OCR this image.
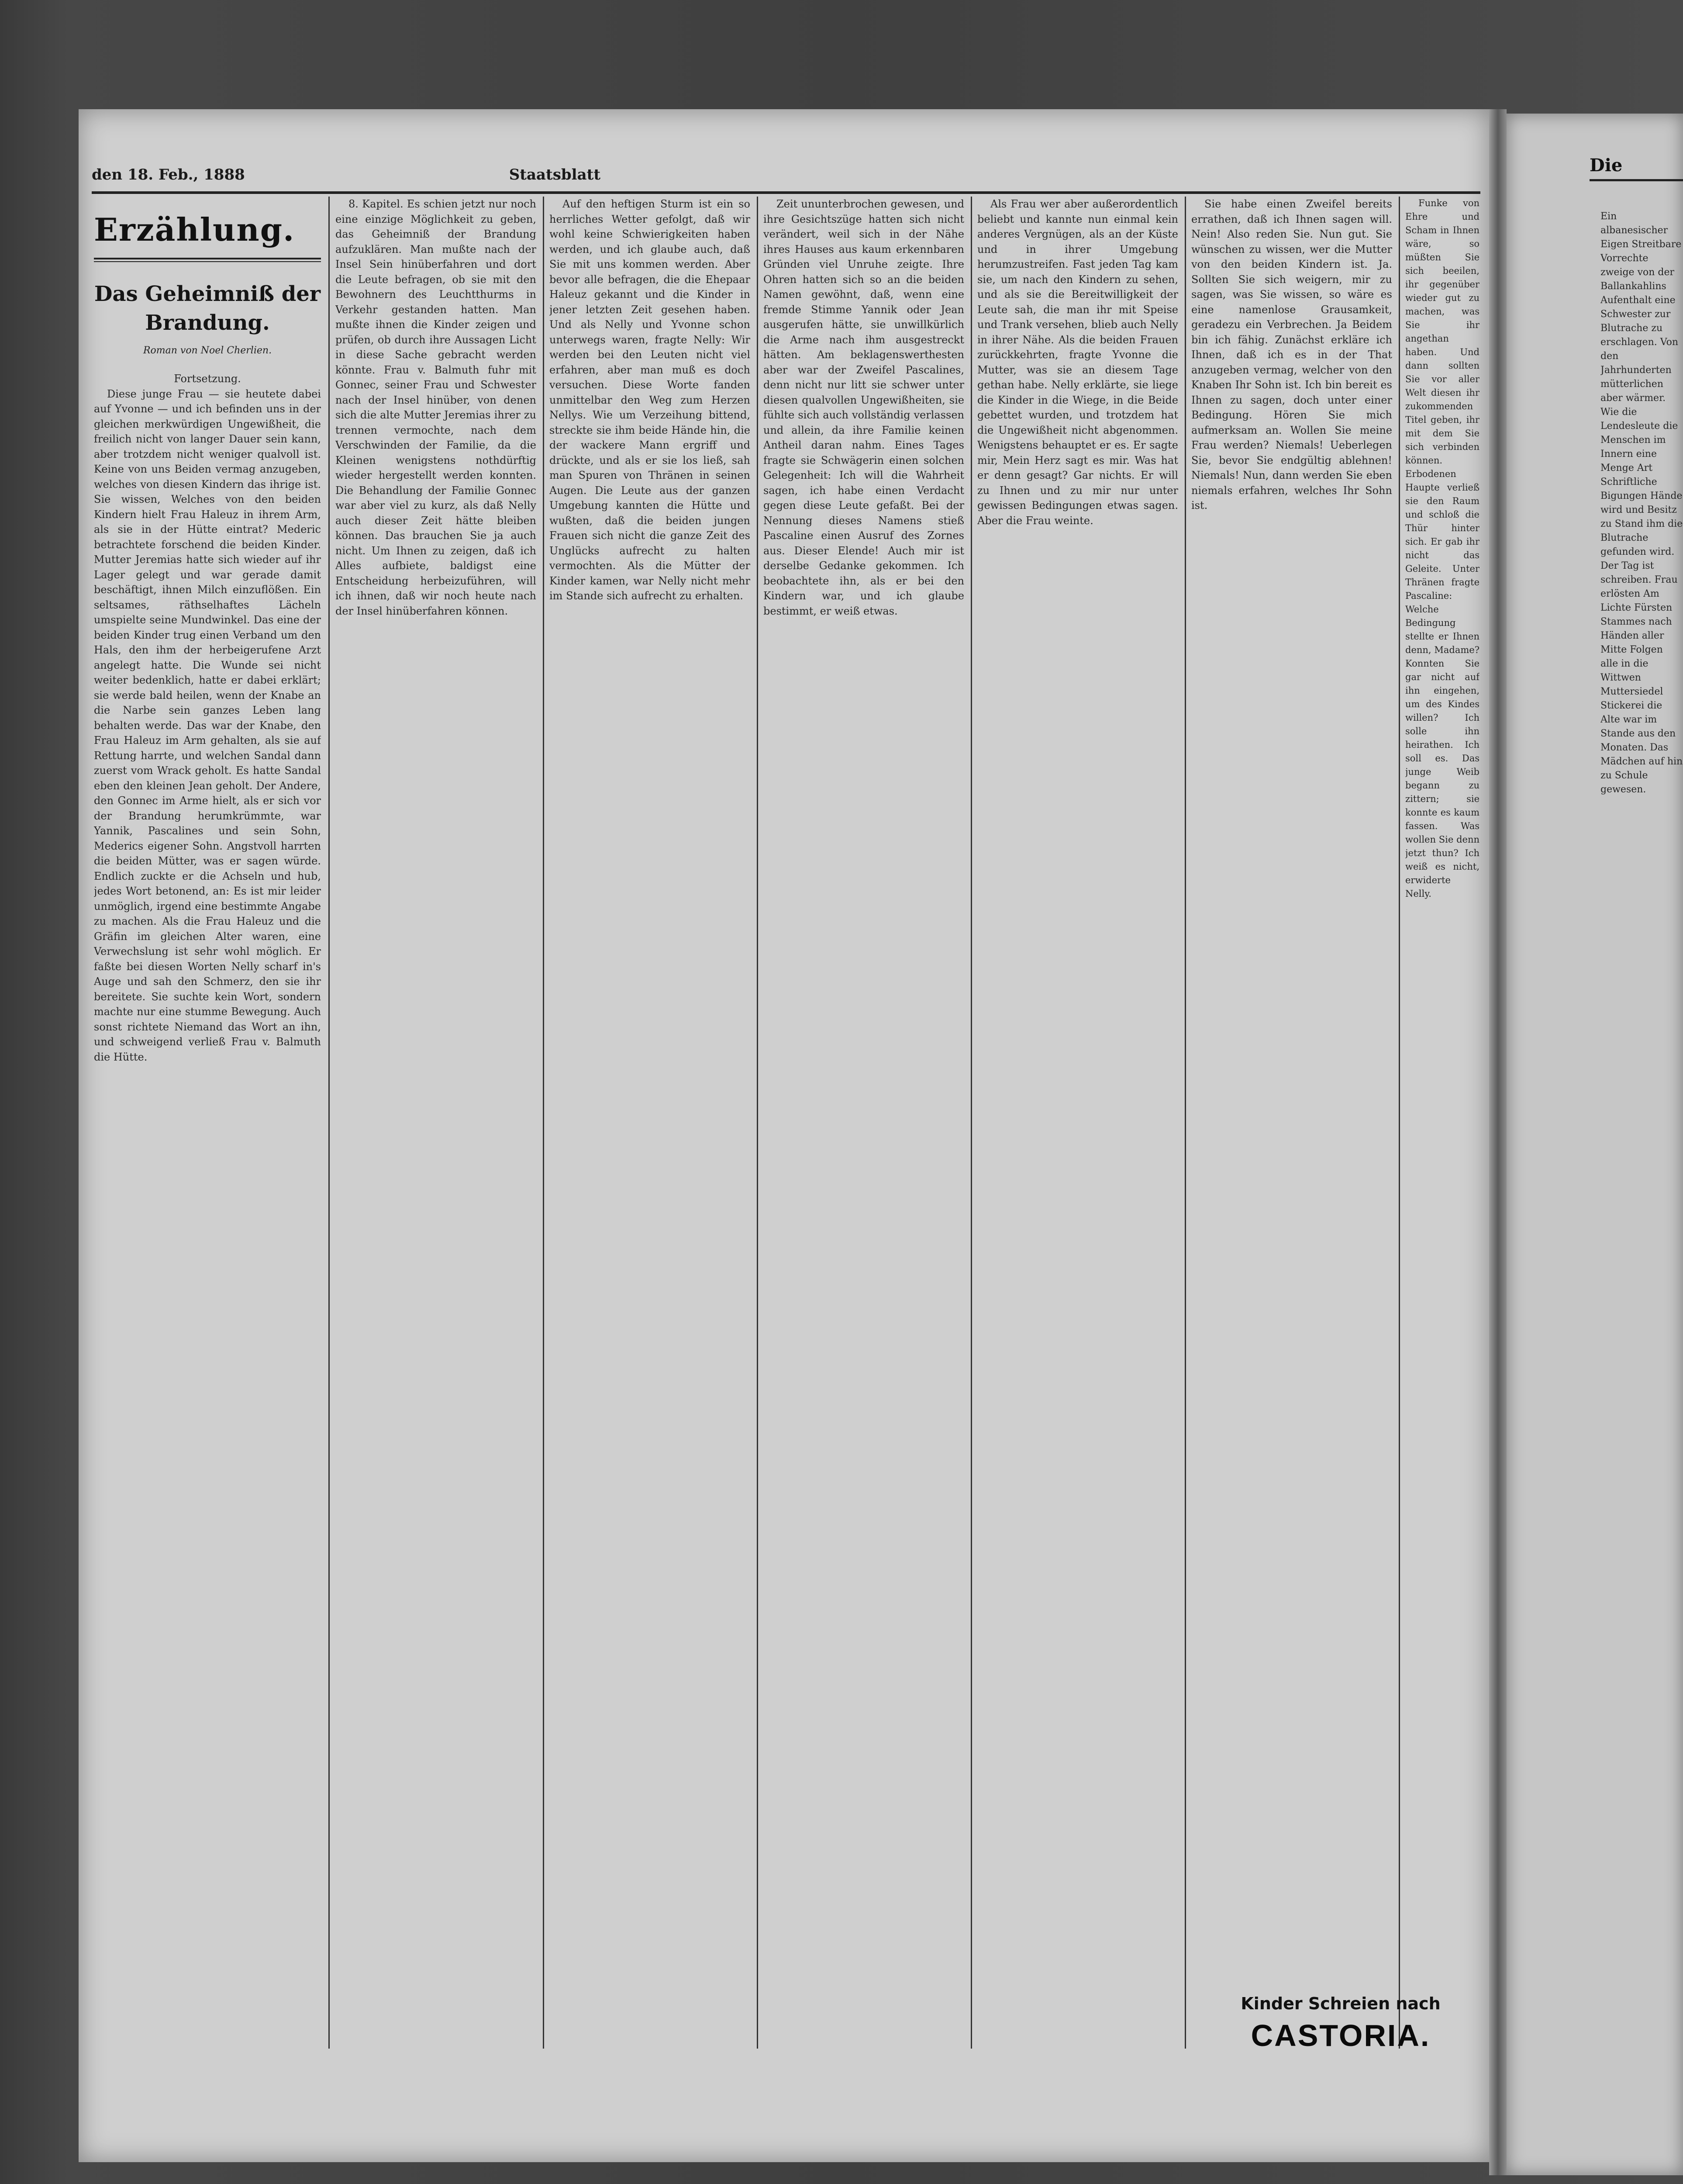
den 18. Feb., 1888	Staatsblatt
Erzählung.
Das Geheimniß der
Brandung.
Roman von Noel Cherlien.

Fortsetzung.

Diese junge Frau — sie heutete dabei auf Yvonne — und ich befinden uns in der gleichen merkwürdigen Ungewißheit, die freilich nicht von langer Dauer sein kann, aber trotzdem nicht weniger qualvoll ist. Keine von uns Beiden vermag anzugeben, welches von diesen Kindern das ihrige ist. Sie wissen, Welches von den beiden Kindern hielt Frau Haleuz in ihrem Arm, als sie in der Hütte eintrat? Mederic betrachtete forschend die beiden Kinder. Mutter Jeremias hatte sich wieder auf ihr Lager gelegt und war gerade damit beschäftigt, ihnen Milch einzuflößen. Ein seltsames, räthselhaftes Lächeln umspielte seine Mundwinkel. Das eine der beiden Kinder trug einen Verband um den Hals, den ihm der herbeigerufene Arzt angelegt hatte. Die Wunde sei nicht weiter bedenklich, hatte er dabei erklärt; sie werde bald heilen, wenn der Knabe an die Narbe sein ganzes Leben lang behalten werde. Das war der Knabe, den Frau Haleuz im Arm gehalten, als sie auf Rettung harrte, und welchen Sandal dann zuerst vom Wrack geholt. Es hatte Sandal eben den kleinen Jean geholt. Der Andere, den Gonnec im Arme hielt, als er sich vor der Brandung herumkrümmte, war Yannik, Pascalines und sein Sohn, Mederics eigener Sohn. Angstvoll harrten die beiden Mütter, was er sagen würde. Endlich zuckte er die Achseln und hub, jedes Wort betonend, an: Es ist mir leider unmöglich, irgend eine bestimmte Angabe zu machen. Als die Frau Haleuz und die Gräfin im gleichen Alter waren, eine Verwechslung ist sehr wohl möglich. Er faßte bei diesen Worten Nelly scharf in's Auge und sah den Schmerz, den sie ihr bereitete. Sie suchte kein Wort, sondern machte nur eine stumme Bewegung. Auch sonst richtete Niemand das Wort an ihn, und schweigend verließ Frau v. Balmuth die Hütte.

8. Kapitel. Es schien jetzt nur noch eine einzige Möglichkeit zu geben, das Geheimniß der Brandung aufzuklären. Man mußte nach der Insel Sein hinüberfahren und dort die Leute befragen, ob sie mit den Bewohnern des Leuchtthurms in Verkehr gestanden hatten. Man mußte ihnen die Kinder zeigen und prüfen, ob durch ihre Aussagen Licht in diese Sache gebracht werden könnte. Frau v. Balmuth fuhr mit Gonnec, seiner Frau und Schwester nach der Insel hinüber, von denen sich die alte Mutter Jeremias ihrer zu trennen vermochte, nach dem Verschwinden der Familie, da die Kleinen wenigstens nothdürftig wieder hergestellt werden konnten. Die Behandlung der Familie Gonnec war aber viel zu kurz, als daß Nelly auch dieser Zeit hätte bleiben können. Das brauchen Sie ja auch nicht. Um Ihnen zu zeigen, daß ich Alles aufbiete, baldigst eine Entscheidung herbeizuführen, will ich ihnen, daß wir noch heute nach der Insel hinüberfahren können.

Auf den heftigen Sturm ist ein so herrliches Wetter gefolgt, daß wir wohl keine Schwierigkeiten haben werden, und ich glaube auch, daß Sie mit uns kommen werden. Aber bevor alle befragen, die die Ehepaar Haleuz gekannt und die Kinder in jener letzten Zeit gesehen haben. Und als Nelly und Yvonne schon unterwegs waren, fragte Nelly: Wir werden bei den Leuten nicht viel erfahren, aber man muß es doch versuchen. Diese Worte fanden unmittelbar den Weg zum Herzen Nellys. Wie um Verzeihung bittend, streckte sie ihm beide Hände hin, die der wackere Mann ergriff und drückte, und als er sie los ließ, sah man Spuren von Thränen in seinen Augen. Die Leute aus der ganzen Umgebung kannten die Hütte und wußten, daß die beiden jungen Frauen sich nicht die ganze Zeit des Unglücks aufrecht zu halten vermochten. Als die Mütter der Kinder kamen, war Nelly nicht mehr im Stande sich aufrecht zu erhalten.

Zeit ununterbrochen gewesen, und ihre Gesichtszüge hatten sich nicht verändert, weil sich in der Nähe ihres Hauses aus kaum erkennbaren Gründen viel Unruhe zeigte. Ihre Ohren hatten sich so an die beiden Namen gewöhnt, daß, wenn eine fremde Stimme Yannik oder Jean ausgerufen hätte, sie unwillkürlich die Arme nach ihm ausgestreckt hätten. Am beklagenswerthesten aber war der Zweifel Pascalines, denn nicht nur litt sie schwer unter diesen qualvollen Ungewißheiten, sie fühlte sich auch vollständig verlassen und allein, da ihre Familie keinen Antheil daran nahm. Eines Tages fragte sie Schwägerin einen solchen Gelegenheit: Ich will die Wahrheit sagen, ich habe einen Verdacht gegen diese Leute gefaßt. Bei der Nennung dieses Namens stieß Pascaline einen Ausruf des Zornes aus. Dieser Elende! Auch mir ist derselbe Gedanke gekommen. Ich beobachtete ihn, als er bei den Kindern war, und ich glaube bestimmt, er weiß etwas.

Als Frau wer aber außerordentlich beliebt und kannte nun einmal kein anderes Vergnügen, als an der Küste und in ihrer Umgebung herumzustreifen. Fast jeden Tag kam sie, um nach den Kindern zu sehen, und als sie die Bereitwilligkeit der Leute sah, die man ihr mit Speise und Trank versehen, blieb auch Nelly in ihrer Nähe. Als die beiden Frauen zurückkehrten, fragte Yvonne die Mutter, was sie an diesem Tage gethan habe. Nelly erklärte, sie liege die Kinder in die Wiege, in die Beide gebettet wurden, und trotzdem hat die Ungewißheit nicht abgenommen. Wenigstens behauptet er es. Er sagte mir, Mein Herz sagt es mir. Was hat er denn gesagt? Gar nichts. Er will zu Ihnen und zu mir nur unter gewissen Bedingungen etwas sagen. Aber die Frau weinte.

Sie habe einen Zweifel bereits errathen, daß ich Ihnen sagen will. Nein! Also reden Sie. Nun gut. Sie wünschen zu wissen, wer die Mutter von den beiden Kindern ist. Ja. Sollten Sie sich weigern, mir zu sagen, was Sie wissen, so wäre es eine namenlose Grausamkeit, geradezu ein Verbrechen. Ja Beidem bin ich fähig. Zunächst erkläre ich Ihnen, daß ich es in der That anzugeben vermag, welcher von den Knaben Ihr Sohn ist. Ich bin bereit es Ihnen zu sagen, doch unter einer Bedingung. Hören Sie mich aufmerksam an. Wollen Sie meine Frau werden? Niemals! Ueberlegen Sie, bevor Sie endgültig ablehnen! Niemals! Nun, dann werden Sie eben niemals erfahren, welches Ihr Sohn ist.

Funke von Ehre und Scham in Ihnen wäre, so müßten Sie sich beeilen, ihr gegenüber wieder gut zu machen, was Sie ihr angethan haben. Und dann sollten Sie vor aller Welt diesen ihr zukommenden Titel geben, ihr mit dem Sie sich verbinden können. Erbodenen Haupte verließ sie den Raum und schloß die Thür hinter sich. Er gab ihr nicht das Geleite. Unter Thränen fragte Pascaline: Welche Bedingung stellte er Ihnen denn, Madame? Konnten Sie gar nicht auf ihn eingehen, um des Kindes willen? Ich solle ihn heirathen. Ich soll es. Das junge Weib begann zu zittern; sie konnte es kaum fassen. Was wollen Sie denn jetzt thun? Ich weiß es nicht, erwiderte Nelly.

Kinder Schreien nach
CASTORIA.
Die
Ein albanesischer Eigen Streitbare Vorrechte zweige von der Ballankahlins Aufenthalt eine Schwester zur Blutrache zu erschlagen. Von den Jahrhunderten mütterlichen aber wärmer. Wie die Lendesleute die Menschen im Innern eine Menge Art Schriftliche Bigungen Hände wird und Besitz zu Stand ihm die Blutrache gefunden wird. Der Tag ist schreiben. Frau erlösten Am Lichte Fürsten Stammes nach Händen aller Mitte Folgen alle in die Wittwen Muttersiedel Stickerei die Alte war im Stande aus den Monaten. Das Mädchen auf hin zu Schule gewesen.
